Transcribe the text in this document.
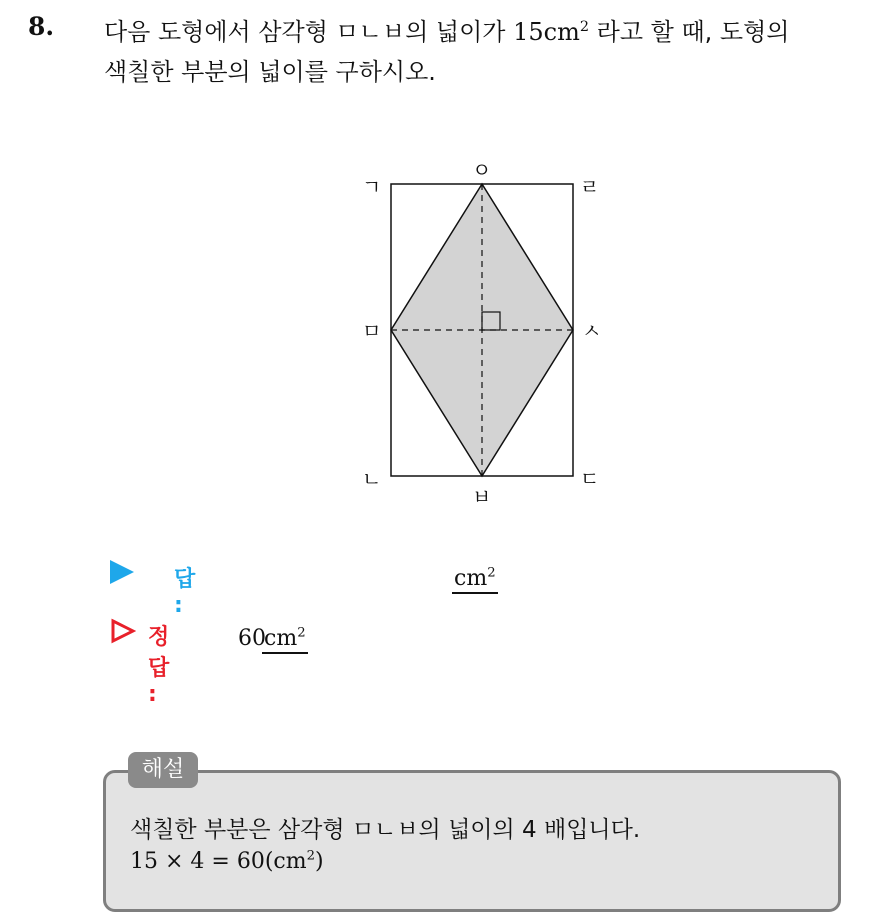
8. 다음 도형에서 삼각형 ㅁㄴㅂ의 넓이가 $15cm^2$ 라고 할 때, 도형의
색칠한 부분의 넓이를 구하시오.
ㄱ
ㅇ
ㄹ
ㅁ	ㅅ
ㄴ
ㅂ
ㄷ
답 :
$cm^2$
정답 :
60
$cm^2$
해설
색칠한 부분은 삼각형 ㅁㄴㅂ의 넓이의 4 배입니다.
$15 \times 4 = 60(cm^2)$
